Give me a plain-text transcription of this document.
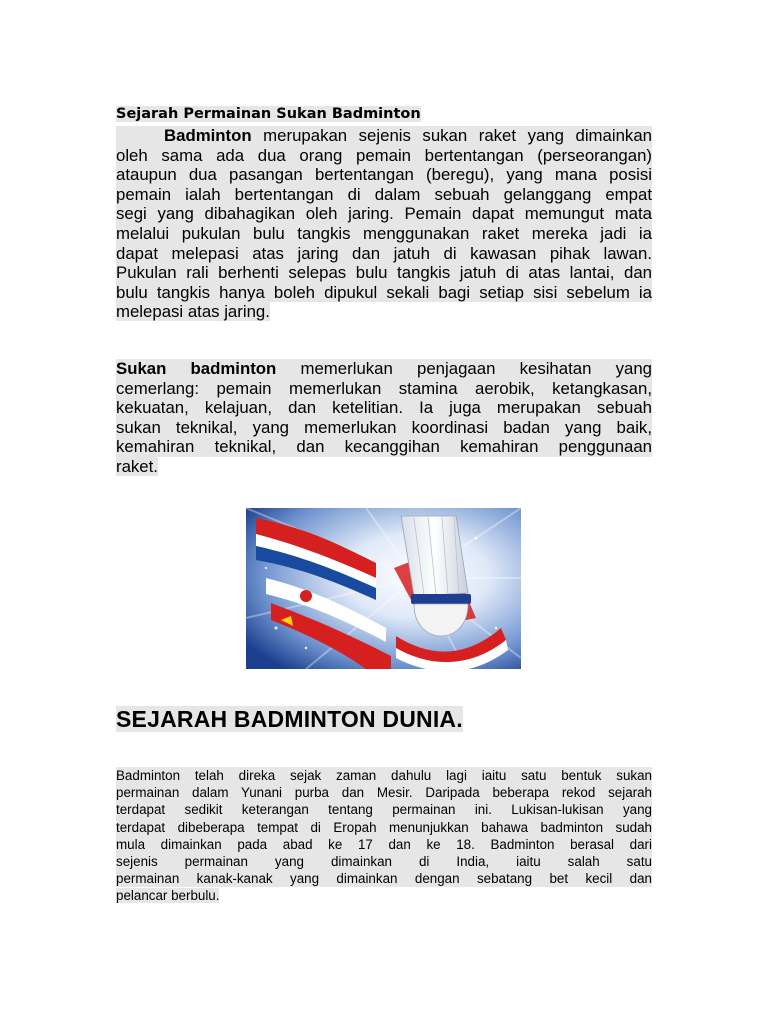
Sejarah Permainan Sukan Badminton

Badminton merupakan sejenis sukan raket yang dimainkan
oleh sama ada dua orang pemain bertentangan (perseorangan)
ataupun dua pasangan bertentangan (beregu), yang mana posisi
pemain ialah bertentangan di dalam sebuah gelanggang empat
segi yang dibahagikan oleh jaring. Pemain dapat memungut mata
melalui pukulan bulu tangkis menggunakan raket mereka jadi ia
dapat melepasi atas jaring dan jatuh di kawasan pihak lawan.
Pukulan rali berhenti selepas bulu tangkis jatuh di atas lantai, dan
bulu tangkis hanya boleh dipukul sekali bagi setiap sisi sebelum ia
melepasi atas jaring.

Sukan badminton memerlukan penjagaan kesihatan yang
cemerlang: pemain memerlukan stamina aerobik, ketangkasan,
kekuatan, kelajuan, dan ketelitian. Ia juga merupakan sebuah
sukan teknikal, yang memerlukan koordinasi badan yang baik,
kemahiran teknikal, dan kecanggihan kemahiran penggunaan
raket.

SEJARAH BADMINTON DUNIA.

Badminton telah direka sejak zaman dahulu lagi iaitu satu bentuk sukan
permainan dalam Yunani purba dan Mesir. Daripada beberapa rekod sejarah
terdapat sedikit keterangan tentang permainan ini. Lukisan-lukisan yang
terdapat dibeberapa tempat di Eropah menunjukkan bahawa badminton sudah
mula dimainkan pada abad ke 17 dan ke 18. Badminton berasal dari
sejenis permainan yang dimainkan di India, iaitu salah satu
permainan kanak-kanak yang dimainkan dengan sebatang bet kecil dan
pelancar berbulu.
